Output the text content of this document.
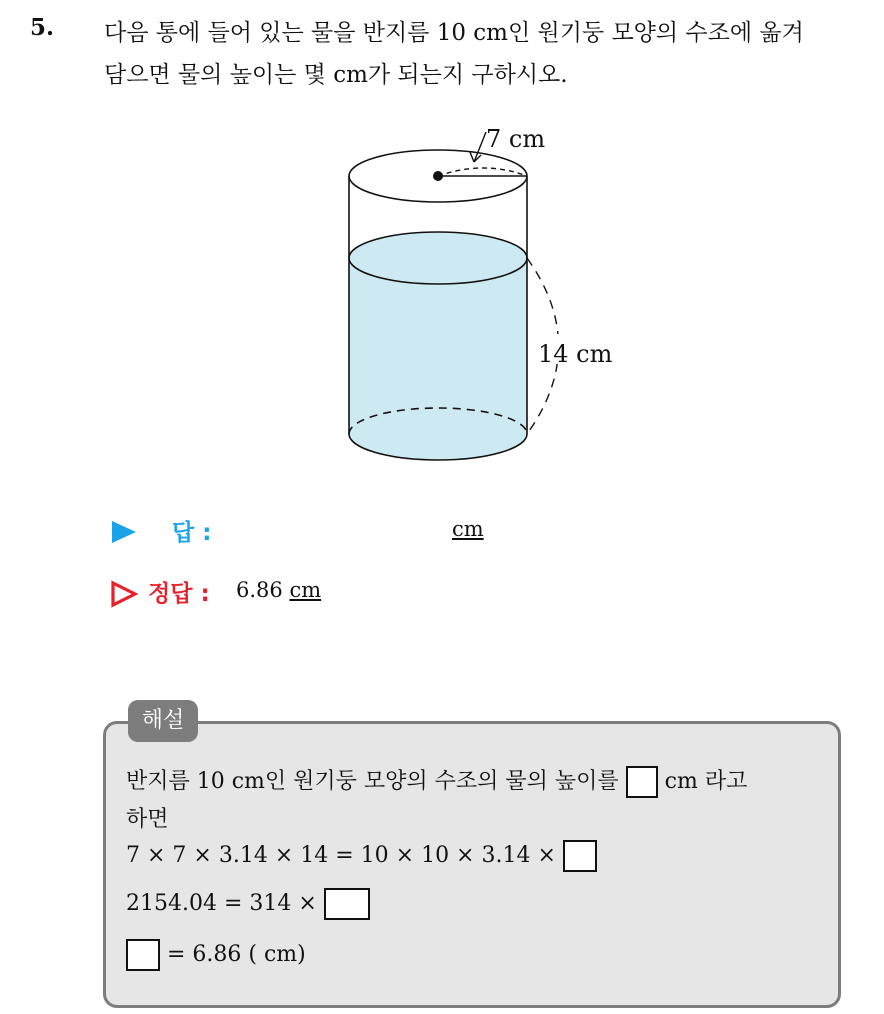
5. 다음 통에 들어 있는 물을 반지름 10 cm인 원기둥 모양의 수조에 옮겨
담으면 물의 높이는 몇 cm가 되는지 구하시오.
7 cm
14 cm
답 :	cm
정답 : 6.86 cm
해설
반지름 10 cm인 원기둥 모양의 수조의 물의 높이를 cm 라고
하면
7 × 7 × 3.14 × 14 = 10 × 10 × 3.14 ×
2154.04 = 314 ×
= 6.86 ( cm)
